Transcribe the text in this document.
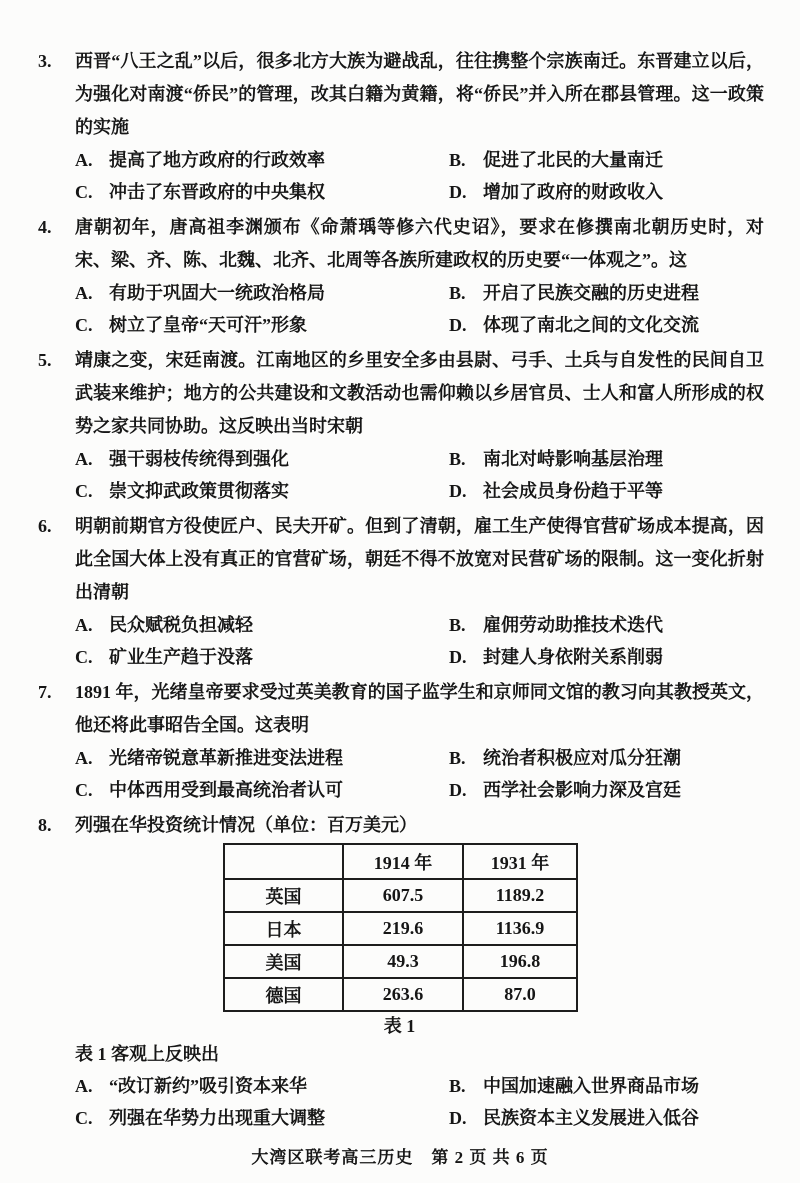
3.	西晋“八王之乱”以后，很多北方大族为避战乱，往往携整个宗族南迁。东晋建立以后，为强化对南渡“侨民”的管理，改其白籍为黄籍，将“侨民”并入所在郡县管理。这一政策的实施
A. 提高了地方政府的行政效率	B. 促进了北民的大量南迁
C. 冲击了东晋政府的中央集权	D. 增加了政府的财政收入
4.	唐朝初年，唐高祖李渊颁布《命萧瑀等修六代史诏》，要求在修撰南北朝历史时，对宋、梁、齐、陈、北魏、北齐、北周等各族所建政权的历史要“一体观之”。这
A. 有助于巩固大一统政治格局	B. 开启了民族交融的历史进程
C. 树立了皇帝“天可汗”形象	D. 体现了南北之间的文化交流
5.	靖康之变，宋廷南渡。江南地区的乡里安全多由县尉、弓手、土兵与自发性的民间自卫武装来维护；地方的公共建设和文教活动也需仰赖以乡居官员、士人和富人所形成的权势之家共同协助。这反映出当时宋朝
A. 强干弱枝传统得到强化	B. 南北对峙影响基层治理
C. 崇文抑武政策贯彻落实	D. 社会成员身份趋于平等
6.	明朝前期官方役使匠户、民夫开矿。但到了清朝，雇工生产使得官营矿场成本提高，因此全国大体上没有真正的官营矿场，朝廷不得不放宽对民营矿场的限制。这一变化折射出清朝
A. 民众赋税负担减轻	B. 雇佣劳动助推技术迭代
C. 矿业生产趋于没落	D. 封建人身依附关系削弱
7.	1891 年，光绪皇帝要求受过英美教育的国子监学生和京师同文馆的教习向其教授英文，他还将此事昭告全国。这表明
A. 光绪帝锐意革新推进变法进程	B. 统治者积极应对瓜分狂潮
C. 中体西用受到最高统治者认可	D. 西学社会影响力深及宫廷
8.	列强在华投资统计情况（单位：百万美元）
	1914 年	1931 年
英国	607.5	1189.2
日本	219.6	1136.9
美国	49.3	196.8
德国	263.6	87.0
表 1
表 1 客观上反映出
A. “改订新约”吸引资本来华	B. 中国加速融入世界商品市场
C. 列强在华势力出现重大调整	D. 民族资本主义发展进入低谷
大湾区联考高三历史　第 2 页 共 6 页
